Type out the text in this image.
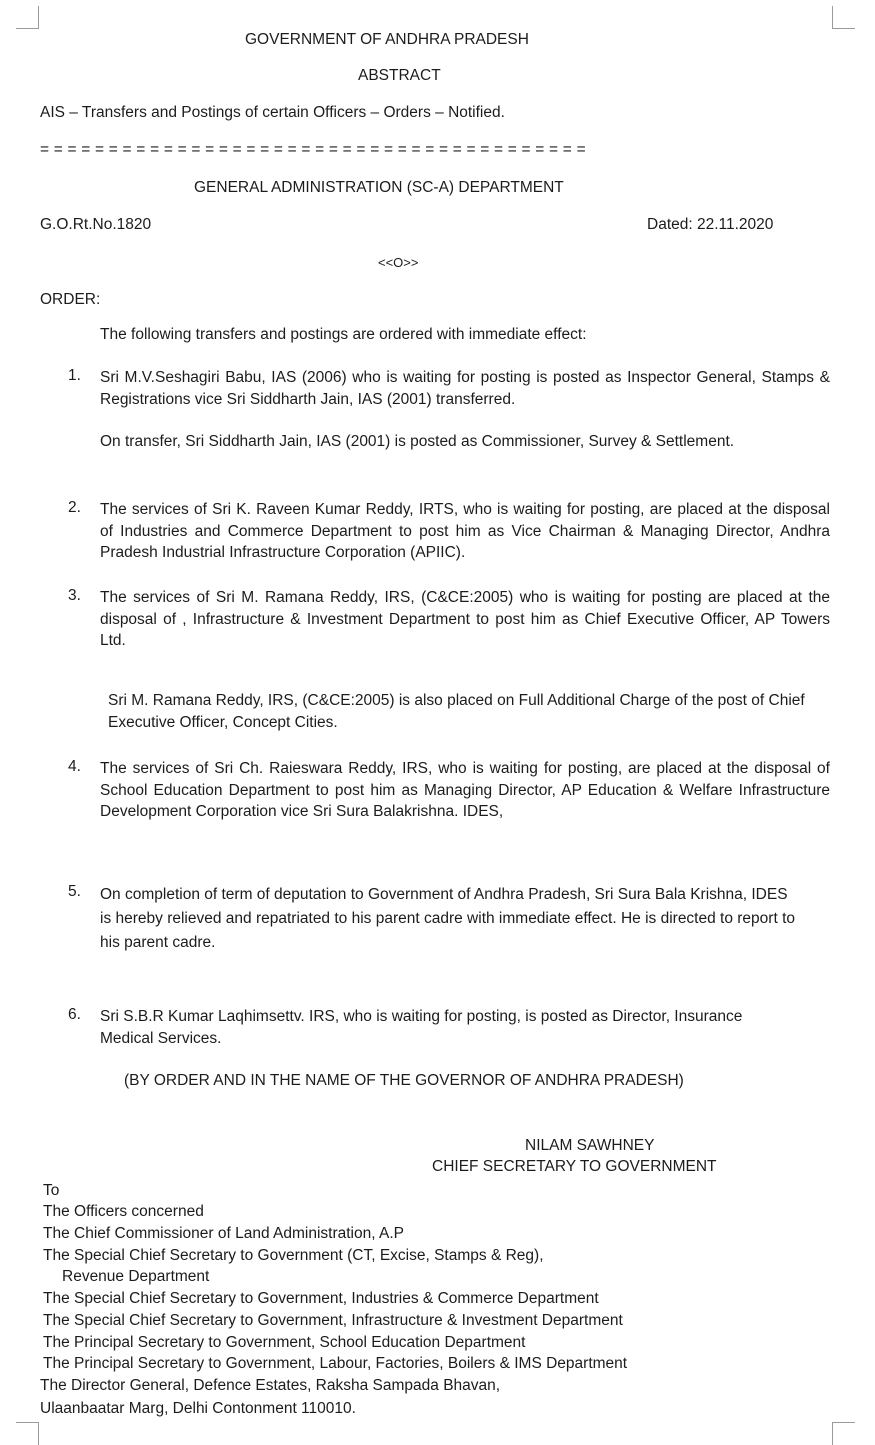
GOVERNMENT OF ANDHRA PRADESH
ABSTRACT
AIS – Transfers and Postings of certain Officers – Orders – Notified.
= = = = = = = = = = = = = = = = = = = = = = = = = = = = = = = = = = = = = = = =
GENERAL ADMINISTRATION (SC-A) DEPARTMENT
G.O.Rt.No.1820	Dated: 22.11.2020
<<O>>
ORDER:
The following transfers and postings are ordered with immediate effect:
1. Sri M.V.Seshagiri Babu, IAS (2006) who is waiting for posting is posted as Inspector General, Stamps & Registrations vice Sri Siddharth Jain, IAS (2001) transferred.
On transfer, Sri Siddharth Jain, IAS (2001) is posted as Commissioner, Survey & Settlement.
2. The services of Sri K. Raveen Kumar Reddy, IRTS, who is waiting for posting, are placed at the disposal of Industries and Commerce Department to post him as Vice Chairman & Managing Director, Andhra Pradesh Industrial Infrastructure Corporation (APIIC).
3. The services of Sri M. Ramana Reddy, IRS, (C&CE:2005) who is waiting for posting are placed at the disposal of , Infrastructure & Investment Department to post him as Chief Executive Officer, AP Towers Ltd.
Sri M. Ramana Reddy, IRS, (C&CE:2005) is also placed on Full Additional Charge of the post of Chief Executive Officer, Concept Cities.
4. The services of Sri Ch. Raieswara Reddy, IRS, who is waiting for posting, are placed at the disposal of School Education Department to post him as Managing Director, AP Education & Welfare Infrastructure Development Corporation vice Sri Sura Balakrishna. IDES,
5. On completion of term of deputation to Government of Andhra Pradesh, Sri Sura Bala Krishna, IDES is hereby relieved and repatriated to his parent cadre with immediate effect. He is directed to report to his parent cadre.
6. Sri S.B.R Kumar Laqhimsettv. IRS, who is waiting for posting, is posted as Director, Insurance Medical Services.
(BY ORDER AND IN THE NAME OF THE GOVERNOR OF ANDHRA PRADESH)
NILAM SAWHNEY
CHIEF SECRETARY TO GOVERNMENT
To
The Officers concerned
The Chief Commissioner of Land Administration, A.P
The Special Chief Secretary to Government (CT, Excise, Stamps & Reg),
Revenue Department
The Special Chief Secretary to Government, Industries & Commerce Department
The Special Chief Secretary to Government, Infrastructure & Investment Department
The Principal Secretary to Government, School Education Department
The Principal Secretary to Government, Labour, Factories, Boilers & IMS Department
The Director General, Defence Estates, Raksha Sampada Bhavan,
Ulaanbaatar Marg, Delhi Contonment 110010.
